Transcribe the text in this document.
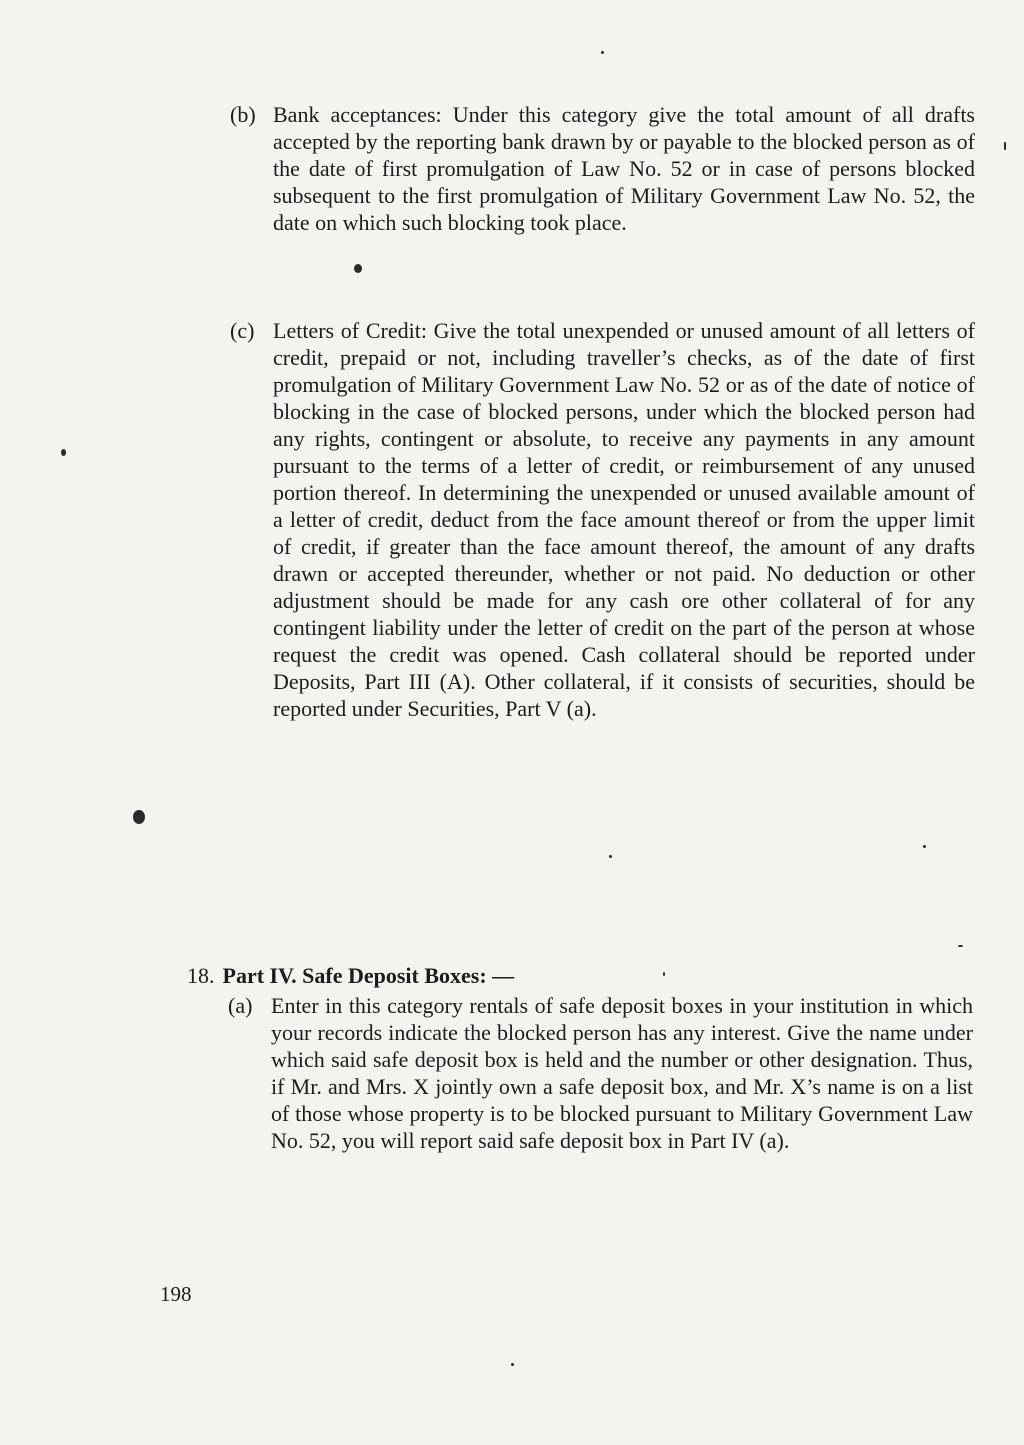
(b) Bank acceptances: Under this category give the total amount of all drafts accepted by the reporting bank drawn by or payable to the blocked person as of the date of first promulgation of Law No. 52 or in case of persons blocked subsequent to the first promulgation of Military Government Law No. 52, the date on which such blocking took place.
(c) Letters of Credit: Give the total unexpended or unused amount of all letters of credit, prepaid or not, including traveller’s checks, as of the date of first promulgation of Military Government Law No. 52 or as of the date of notice of blocking in the case of blocked persons, under which the blocked person had any rights, contingent or absolute, to receive any payments in any amount pursuant to the terms of a letter of credit, or reimbursement of any unused portion thereof. In determining the unexpended or unused available amount of a letter of credit, deduct from the face amount thereof or from the upper limit of credit, if greater than the face amount thereof, the amount of any drafts drawn or accepted thereunder, whether or not paid. No deduction or other adjustment should be made for any cash ore other collateral of for any contingent liability under the letter of credit on the part of the person at whose request the credit was opened. Cash collateral should be reported under Deposits, Part III (A). Other collateral, if it consists of securities, should be reported under Securities, Part V (a).
18. Part IV. Safe Deposit Boxes: —
(a) Enter in this category rentals of safe deposit boxes in your institution in which your records indicate the blocked person has any interest. Give the name under which said safe deposit box is held and the number or other designation. Thus, if Mr. and Mrs. X jointly own a safe deposit box, and Mr. X’s name is on a list of those whose property is to be blocked pursuant to Military Government Law No. 52, you will report said safe deposit box in Part IV (a).
198
